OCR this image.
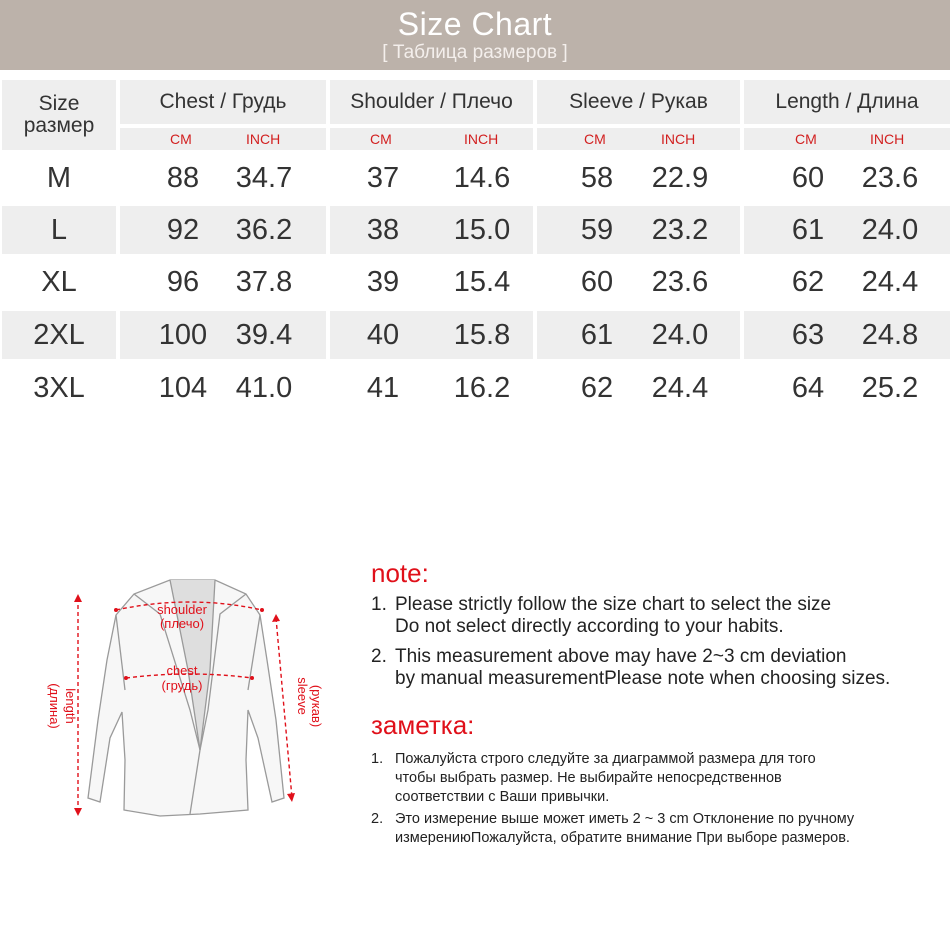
Size Chart
[ Таблица размеров ]
Size
размер
Chest / Грудь	Shoulder / Плечо	Sleeve / Рукав	Length / Длина
CM	INCH	CM	INCH	CM	INCH	CM	INCH
M	88	34.7	37	14.6	58	22.9	60	23.6
L	92	36.2	38	15.0	59	23.2	61	24.0
XL	96	37.8	39	15.4	60	23.6	62	24.4
2XL	100 39.4	40	15.8	61	24.0	63	24.8
3XL	104 41.0	41	16.2	62	24.4	64	25.2
shoulder
(плечо)
chest
(грудь)
length
(длина)	sleeve (рукав)
note:
1. Please strictly follow the size chart to select the size
Do not select directly according to your habits.
2. This measurement above may have 2~3 cm deviation
by manual measurementPlease note when choosing sizes.
заметка:
1. Пожалуйста строго следуйте за диаграммой размера для того
чтобы выбрать размер. Не выбирайте непосредственнов
соответствии с Ваши привычки.
2. Это измерение выше может иметь 2 ~ 3 cm Отклонение по ручному
измерениюПожалуйста, обратите внимание При выборе размеров.
